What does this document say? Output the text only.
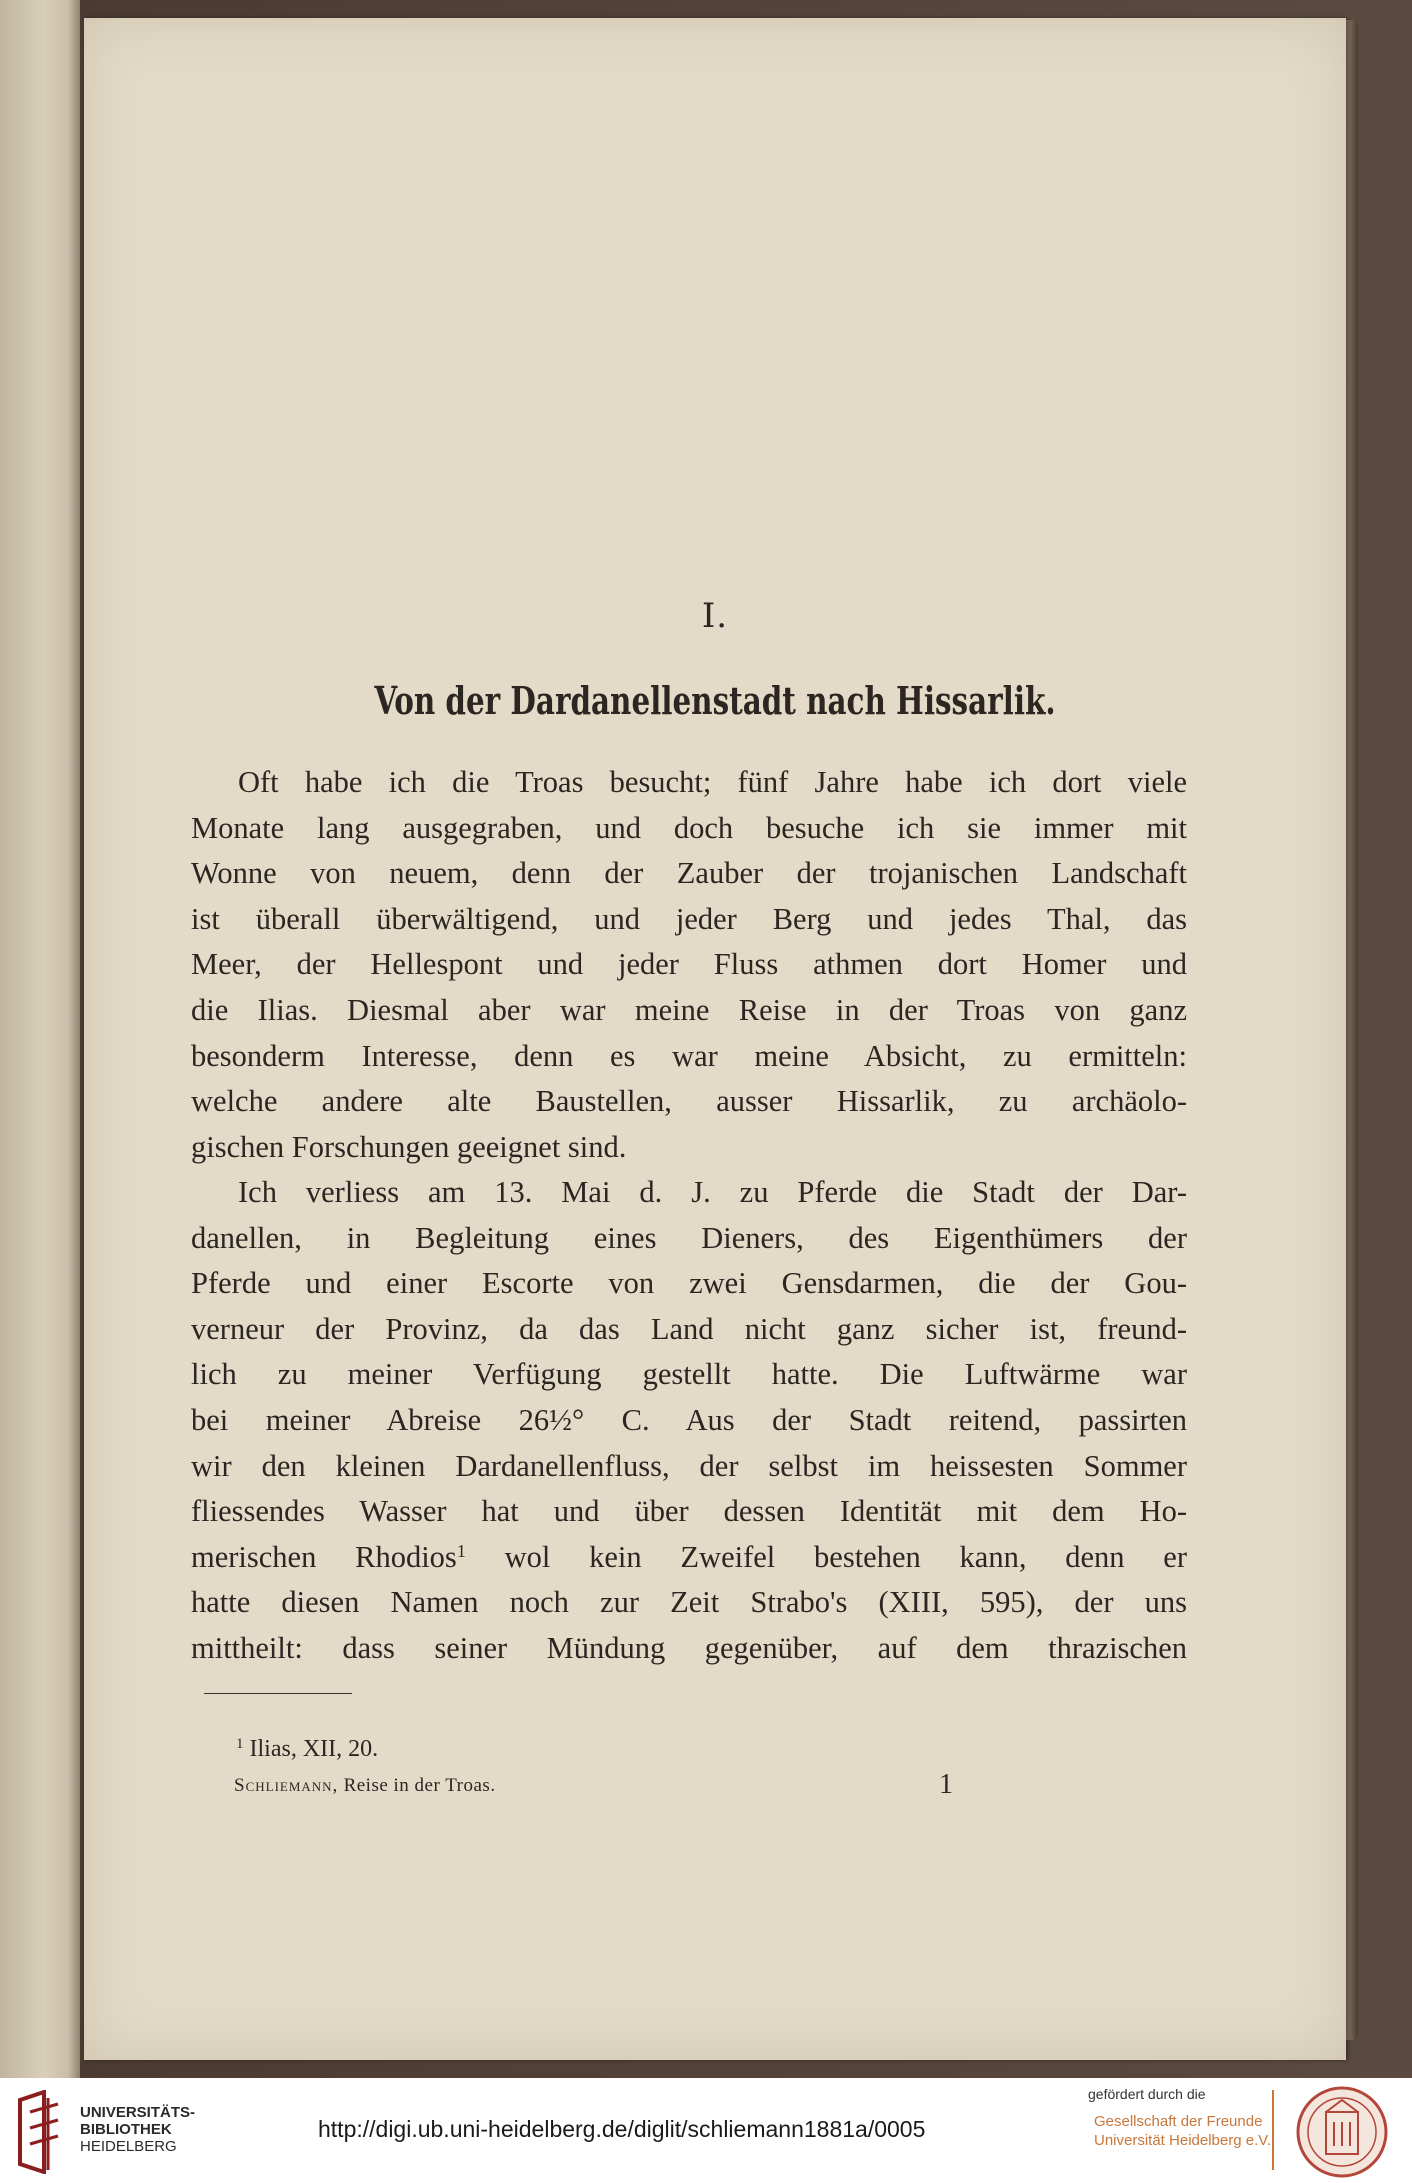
I.
Von der Dardanellenstadt nach Hissarlik.
Oft habe ich die Troas besucht; fünf Jahre habe ich dort viele
Monate lang ausgegraben, und doch besuche ich sie immer mit
Wonne von neuem, denn der Zauber der trojanischen Landschaft
ist überall überwältigend, und jeder Berg und jedes Thal, das
Meer, der Hellespont und jeder Fluss athmen dort Homer und
die Ilias. Diesmal aber war meine Reise in der Troas von ganz
besonderm Interesse, denn es war meine Absicht, zu ermitteln:
welche andere alte Baustellen, ausser Hissarlik, zu archäolo-
gischen Forschungen geeignet sind.
Ich verliess am 13. Mai d. J. zu Pferde die Stadt der Dar-
danellen, in Begleitung eines Dieners, des Eigenthümers der
Pferde und einer Escorte von zwei Gensdarmen, die der Gou-
verneur der Provinz, da das Land nicht ganz sicher ist, freund-
lich zu meiner Verfügung gestellt hatte. Die Luftwärme war
bei meiner Abreise 26½° C. Aus der Stadt reitend, passirten
wir den kleinen Dardanellenfluss, der selbst im heissesten Sommer
fliessendes Wasser hat und über dessen Identität mit dem Ho-
merischen Rhodios$^1$ wol kein Zweifel bestehen kann, denn er
hatte diesen Namen noch zur Zeit Strabo's (XIII, 595), der uns
mittheilt: dass seiner Mündung gegenüber, auf dem thrazischen
$^1$ Ilias, XII, 20.
Schliemann, Reise in der Troas.	1
UNIVERSITÄTS-
BIBLIOTHEK
HEIDELBERG
http://digi.ub.uni-heidelberg.de/diglit/schliemann1881a/0005
gefördert durch die
Gesellschaft der Freunde
Universität Heidelberg e.V.
